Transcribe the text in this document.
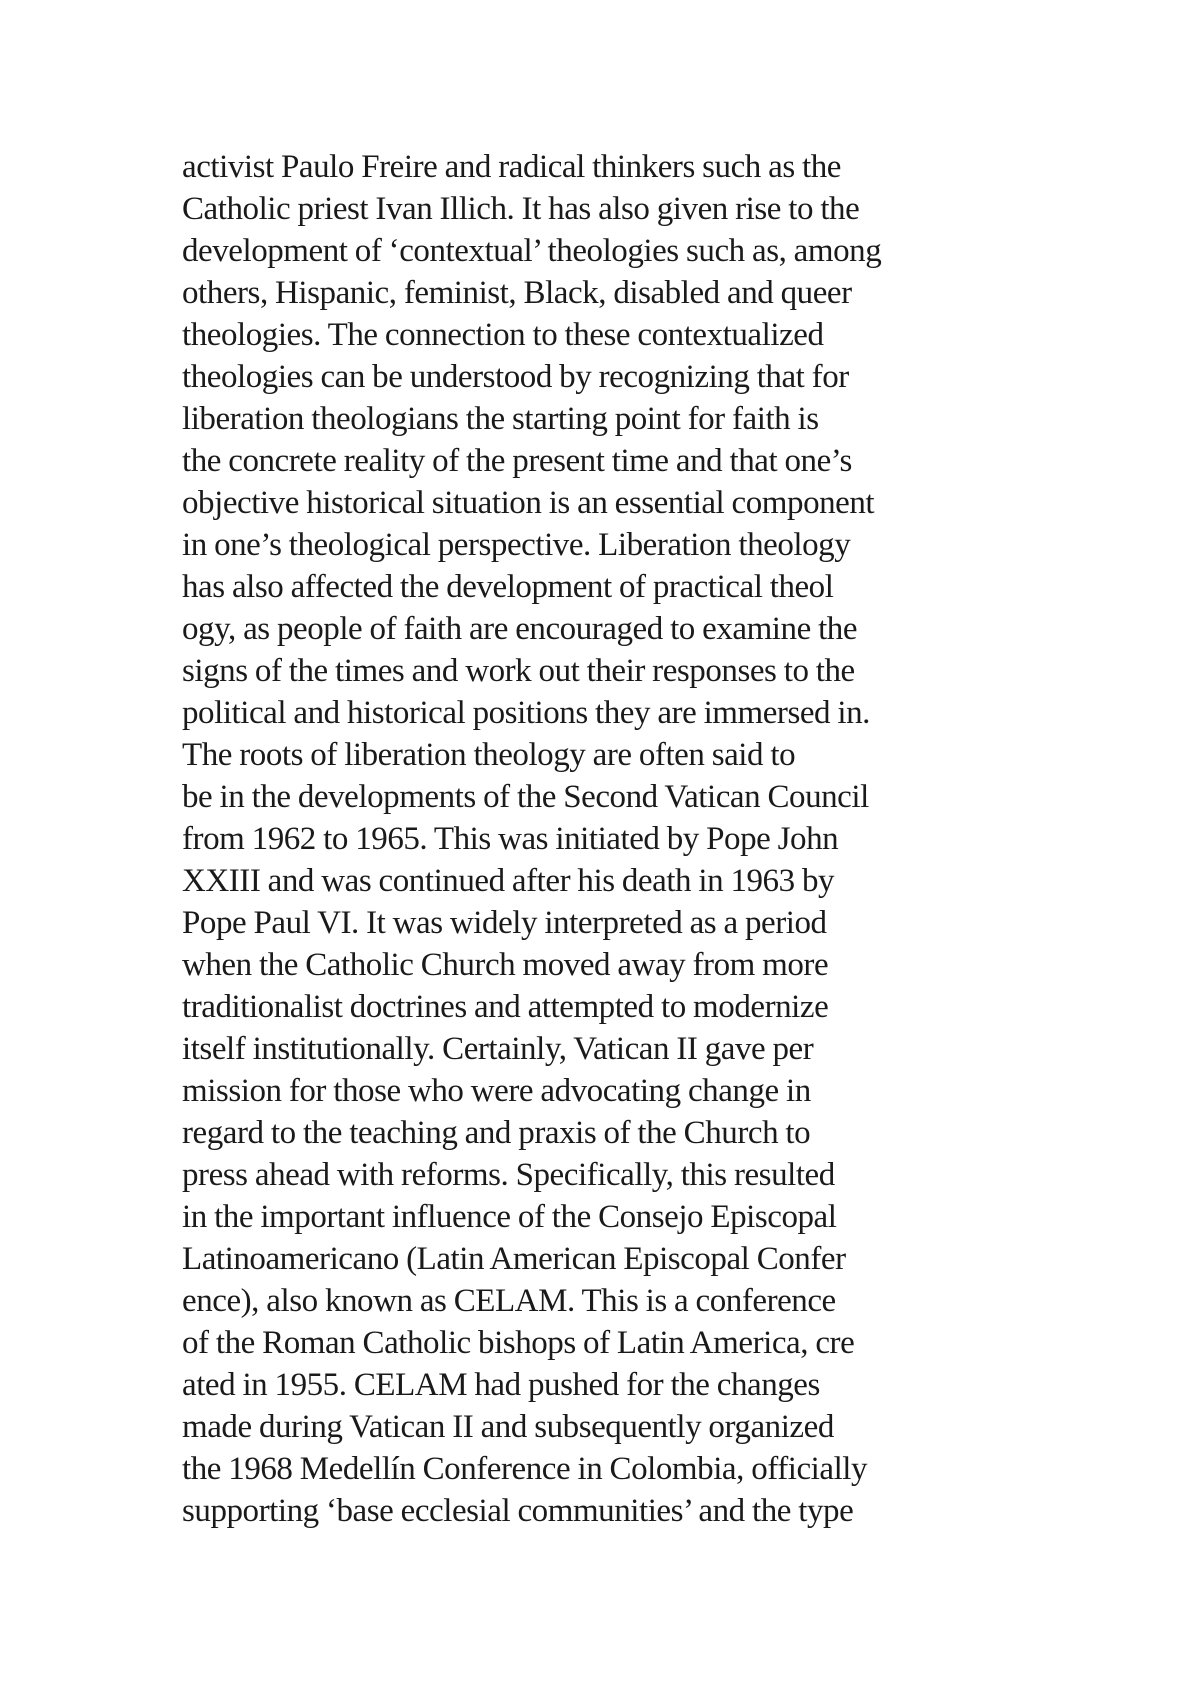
activist Paulo Freire and radical thinkers such as the
Catholic priest Ivan Illich. It has also given rise to the
development of ‘contextual’ theologies such as, among
others, Hispanic, feminist, Black, disabled and queer
theologies. The connection to these contextualized
theologies can be understood by recognizing that for
liberation theologians the starting point for faith is
the concrete reality of the present time and that one’s
objective historical situation is an essential component
in one’s theological perspective. Liberation theology
has also affected the development of practical theol
ogy, as people of faith are encouraged to examine the
signs of the times and work out their responses to the
political and historical positions they are immersed in.
The roots of liberation theology are often said to
be in the developments of the Second Vatican Council
from 1962 to 1965. This was initiated by Pope John
XXIII and was continued after his death in 1963 by
Pope Paul VI. It was widely interpreted as a period
when the Catholic Church moved away from more
traditionalist doctrines and attempted to modernize
itself institutionally. Certainly, Vatican II gave per
mission for those who were advocating change in
regard to the teaching and praxis of the Church to
press ahead with reforms. Specifically, this resulted
in the important influence of the Consejo Episcopal
Latinoamericano (Latin American Episcopal Confer
ence), also known as CELAM. This is a conference
of the Roman Catholic bishops of Latin America, cre
ated in 1955. CELAM had pushed for the changes
made during Vatican II and subsequently organized
the 1968 Medellín Conference in Colombia, officially
supporting ‘base ecclesial communities’ and the type
